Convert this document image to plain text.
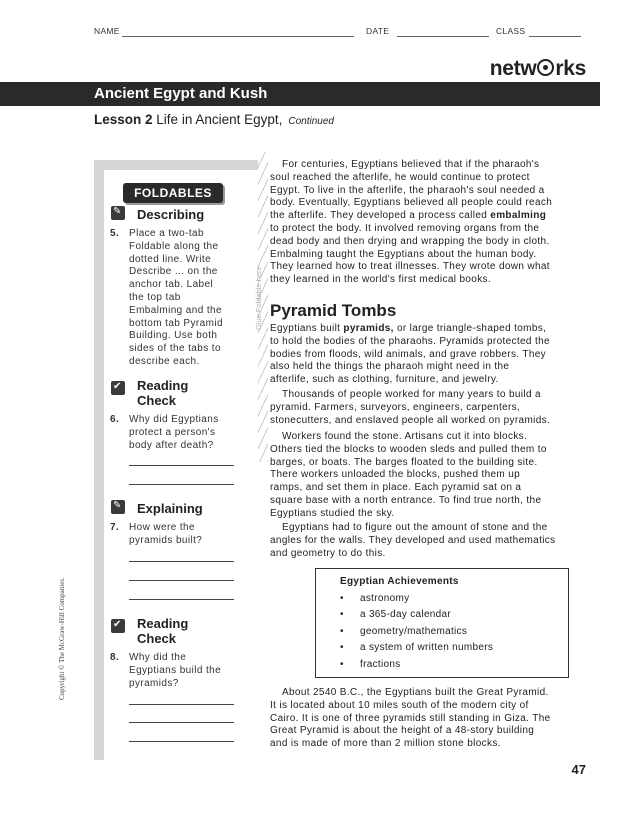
NAME	DATE	CLASS
netw rks
Ancient Egypt and Kush
Lesson 2 Life in Ancient Egypt, Continued
Glue Foldable here
FOLDABLES
✎
Describing
5. Place a two-tab
Foldable along the
dotted line. Write
Describe ... on the
anchor tab. Label
the top tab
Embalming and the
bottom tab Pyramid
Building. Use both
sides of the tabs to
describe each.
✔
Reading
Check
6. Why did Egyptians
protect a person's
body after death?
✎
Explaining
7. How were the
pyramids built?
✔
Reading
Check
8. Why did the
Egyptians build the
pyramids?
For centuries, Egyptians believed that if the pharaoh's
soul reached the afterlife, he would continue to protect
Egypt. To live in the afterlife, the pharaoh's soul needed a
body. Eventually, Egyptians believed all people could reach
the afterlife. They developed a process called embalming
to protect the body. It involved removing organs from the
dead body and then drying and wrapping the body in cloth.
Embalming taught the Egyptians about the human body.
They learned how to treat illnesses. They wrote down what
they learned in the world's first medical books.
Pyramid Tombs
Egyptians built pyramids, or large triangle-shaped tombs,
to hold the bodies of the pharaohs. Pyramids protected the
bodies from floods, wild animals, and grave robbers. They
also held the things the pharaoh might need in the
afterlife, such as clothing, furniture, and jewelry.
Thousands of people worked for many years to build a
pyramid. Farmers, surveyors, engineers, carpenters,
stonecutters, and enslaved people all worked on pyramids.
Workers found the stone. Artisans cut it into blocks.
Others tied the blocks to wooden sleds and pulled them to
barges, or boats. The barges floated to the building site.
There workers unloaded the blocks, pushed them up
ramps, and set them in place. Each pyramid sat on a
square base with a north entrance. To find true north, the
Egyptians studied the sky.
Egyptians had to figure out the amount of stone and the
angles for the walls. They developed and used mathematics
and geometry to do this.
Egyptian Achievements
• astronomy
• a 365-day calendar
• geometry/mathematics
• a system of written numbers
• fractions
About 2540 B.C., the Egyptians built the Great Pyramid.
It is located about 10 miles south of the modern city of
Cairo. It is one of three pyramids still standing in Giza. The
Great Pyramid is about the height of a 48-story building
and is made of more than 2 million stone blocks.
Copyright © The McGraw-Hill Companies.
47
